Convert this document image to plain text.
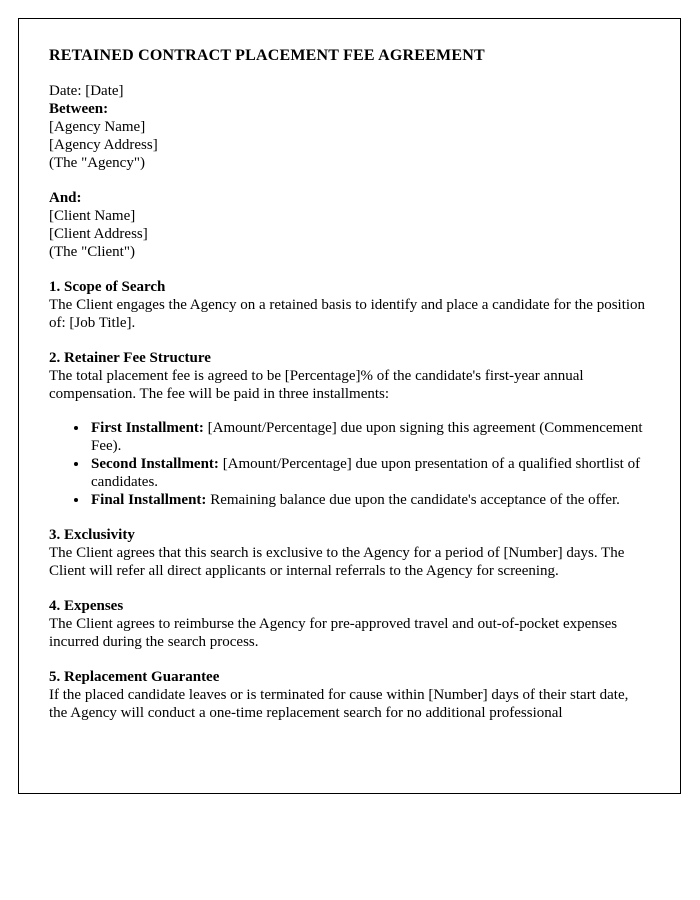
RETAINED CONTRACT PLACEMENT FEE AGREEMENT

Date: [Date]

Between:

[Agency Name]

[Agency Address]

(The "Agency")

And:

[Client Name]

[Client Address]

(The "Client")

1. Scope of Search

The Client engages the Agency on a retained basis to identify and place a candidate for the position of: [Job Title].

2. Retainer Fee Structure

The total placement fee is agreed to be [Percentage]% of the candidate's first-year annual compensation. The fee will be paid in three installments:

• First Installment: [Amount/Percentage] due upon signing this agreement (Commencement Fee).
• Second Installment: [Amount/Percentage] due upon presentation of a qualified shortlist of candidates.
• Final Installment: Remaining balance due upon the candidate's acceptance of the offer.

3. Exclusivity

The Client agrees that this search is exclusive to the Agency for a period of [Number] days. The Client will refer all direct applicants or internal referrals to the Agency for screening.

4. Expenses

The Client agrees to reimburse the Agency for pre-approved travel and out-of-pocket expenses incurred during the search process.

5. Replacement Guarantee

If the placed candidate leaves or is terminated for cause within [Number] days of their start date, the Agency will conduct a one-time replacement search for no additional professional
